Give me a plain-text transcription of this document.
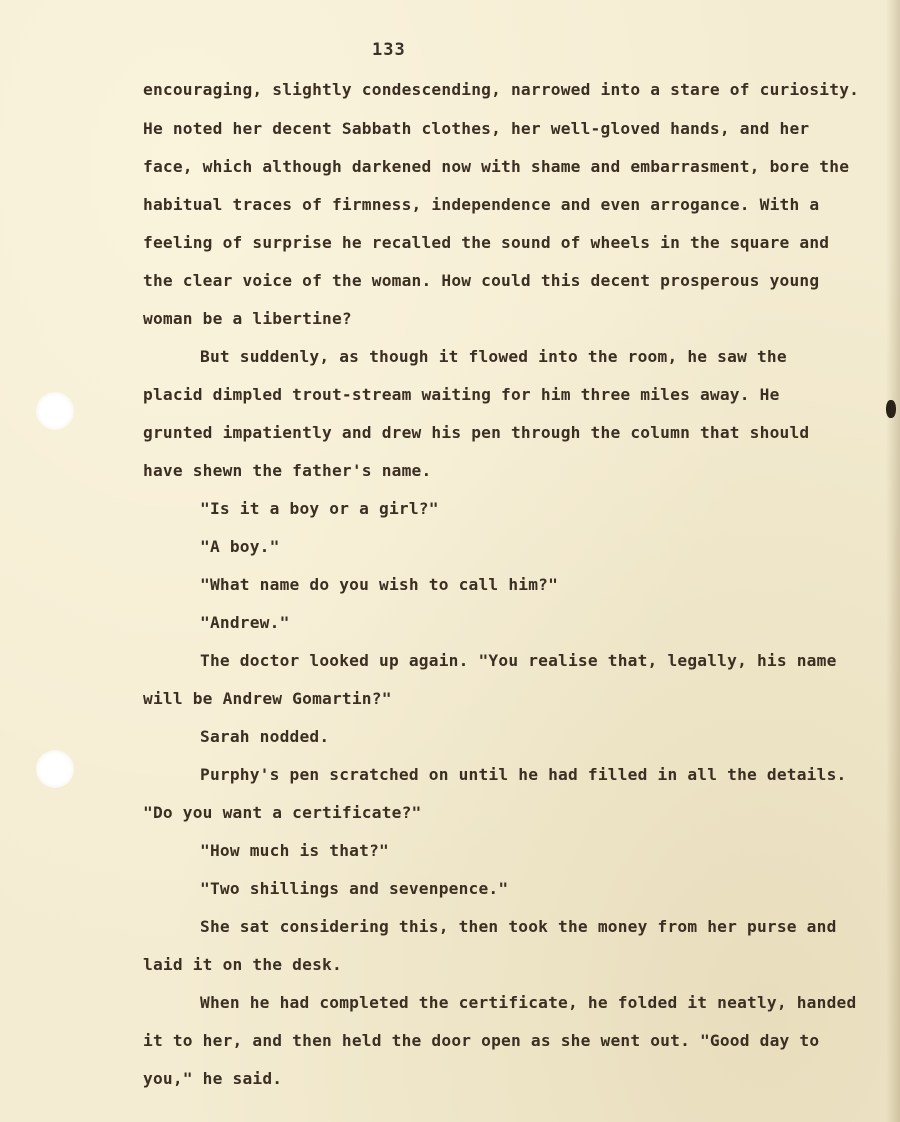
133
encouraging, slightly condescending, narrowed into a stare of curiosity.
He noted her decent Sabbath clothes, her well-gloved hands, and her
face, which although darkened now with shame and embarrasment, bore the
habitual traces of firmness, independence and even arrogance. With a
feeling of surprise he recalled the sound of wheels in the square and
the clear voice of the woman. How could this decent prosperous young
woman be a libertine?
But suddenly, as though it flowed into the room, he saw the
placid dimpled trout-stream waiting for him three miles away. He
grunted impatiently and drew his pen through the column that should
have shewn the father's name.
"Is it a boy or a girl?"
"A boy."
"What name do you wish to call him?"
"Andrew."
The doctor looked up again. "You realise that, legally, his name
will be Andrew Gomartin?"
Sarah nodded.
Purphy's pen scratched on until he had filled in all the details.
"Do you want a certificate?"
"How much is that?"
"Two shillings and sevenpence."
She sat considering this, then took the money from her purse and
laid it on the desk.
When he had completed the certificate, he folded it neatly, handed
it to her, and then held the door open as she went out. "Good day to
you," he said.
